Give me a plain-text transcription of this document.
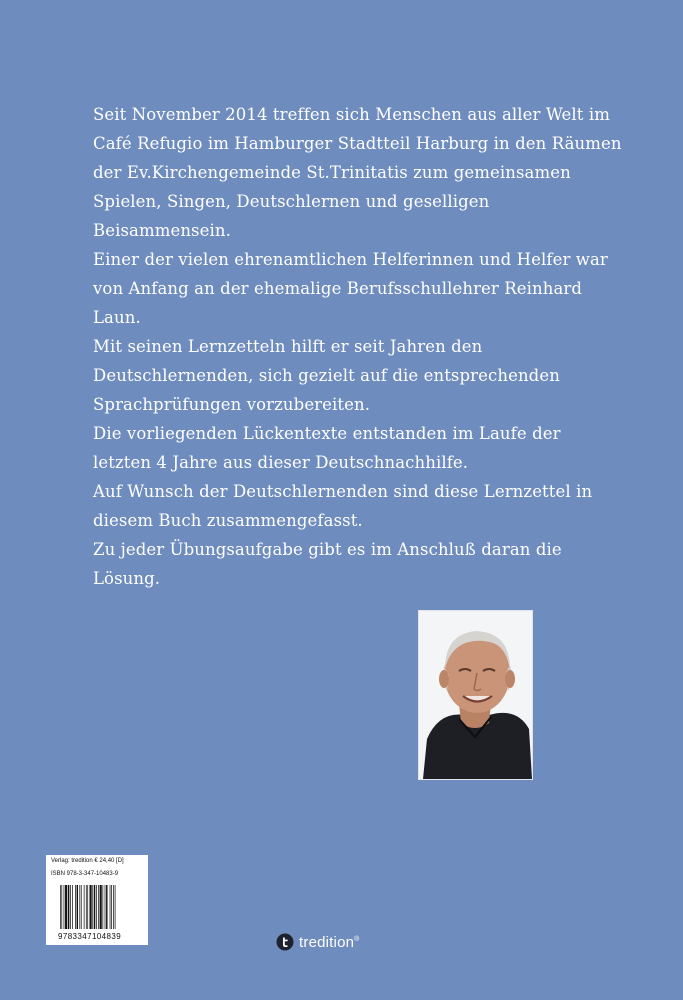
Seit November 2014 treffen sich Menschen aus aller Welt im Café Refugio im Hamburger Stadtteil Harburg in den Räumen der Ev.Kirchengemeinde St.Trinitatis zum gemeinsamen Spielen, Singen, Deutschlernen und geselligen Beisammensein.

Einer der vielen ehrenamtlichen Helferinnen und Helfer war von Anfang an der ehemalige Berufsschullehrer Reinhard Laun.

Mit seinen Lernzetteln hilft er seit Jahren den Deutschlernenden, sich gezielt auf die entsprechenden Sprachprüfungen vorzubereiten.

Die vorliegenden Lückentexte entstanden im Laufe der letzten 4 Jahre aus dieser Deutschnachhilfe.

Auf Wunsch der Deutschlernenden sind diese Lernzettel in diesem Buch zusammengefasst.

Zu jeder Übungsaufgabe gibt es im Anschluß daran die Lösung.

Verlag: tredition € 24,40 [D]
ISBN 978-3-347-10483-9
9783347104839	tredition®
